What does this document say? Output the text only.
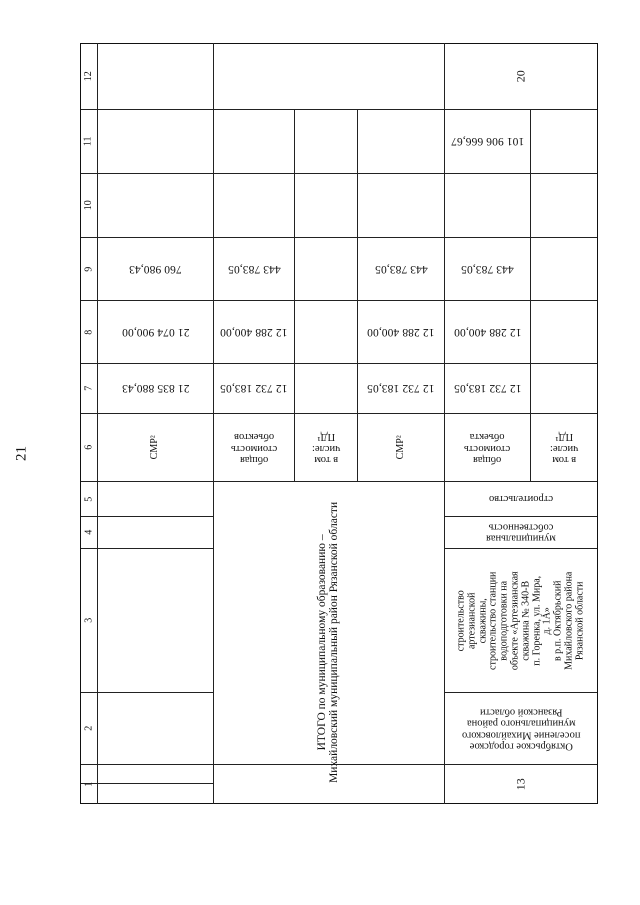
21
12
11
10
9
8
7
6
5
4
3
2
1
21 835 880,43
21 074 900,00
760 980,43
СМР²
ИТОГО по муниципальному образованию –
Михайловский муниципальный район Рязанской области
общая
стоимость
объектов
12 732 183,05
12 288 400,00
443 783,05
в том
числе:
ПД¹	СМР²
12 732 183,05
12 288 400,00
443 783,05
13
Октябрьское городское
поселение Михайловского
муниципального района
Рязанской области
строительство
артезианской
скважины,
строительство станции
водоподготовки на
объекте «Артезианская
скважина № 340-В
п. Горенка, ул. Мира,
д. 1А»
в р.п. Октябрьский
Михайловского района
Рязанской области
муниципальная
собственность
строительство
общая
стоимость
объекта
12 732 183,05
12 288 400,00
443 783,05
101 906 666,67
в том
числе:
ПД¹
20
